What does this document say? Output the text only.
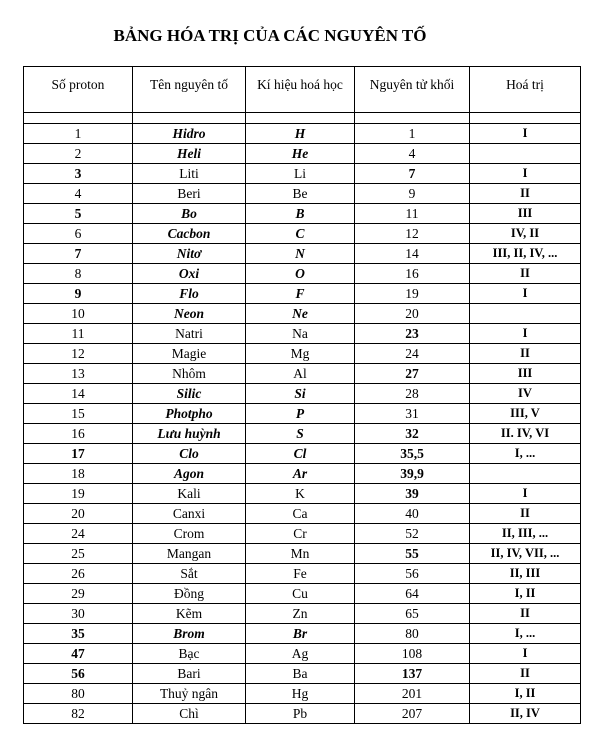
BẢNG HÓA TRỊ CỦA CÁC NGUYÊN TỐ
Số proton	Tên nguyên tố	Kí hiệu hoá học	Nguyên tử khối	Hoá trị

1	Hidro	H	1	I
2	Heli	He	4	
3	Liti	Li	7	I
4	Beri	Be	9	II
5	Bo	B	11	III
6	Cacbon	C	12	IV, II
7	Nitơ	N	14	III, II, IV, ...
8	Oxi	O	16	II
9	Flo	F	19	I
10	Neon	Ne	20	
11	Natri	Na	23	I
12	Magie	Mg	24	II
13	Nhôm	Al	27	III
14	Silic	Si	28	IV
15	Photpho	P	31	III, V
16	Lưu huỳnh	S	32	II. IV, VI
17	Clo	Cl	35,5	I, ...
18	Agon	Ar	39,9	
19	Kali	K	39	I
20	Canxi	Ca	40	II
24	Crom	Cr	52	II, III, ...
25	Mangan	Mn	55	II, IV, VII, ...
26	Sắt	Fe	56	II, III
29	Đồng	Cu	64	I, II
30	Kẽm	Zn	65	II
35	Brom	Br	80	I, ...
47	Bạc	Ag	108	I
56	Bari	Ba	137	II
80	Thuỷ ngân	Hg	201	I, II
82	Chì	Pb	207	II, IV
